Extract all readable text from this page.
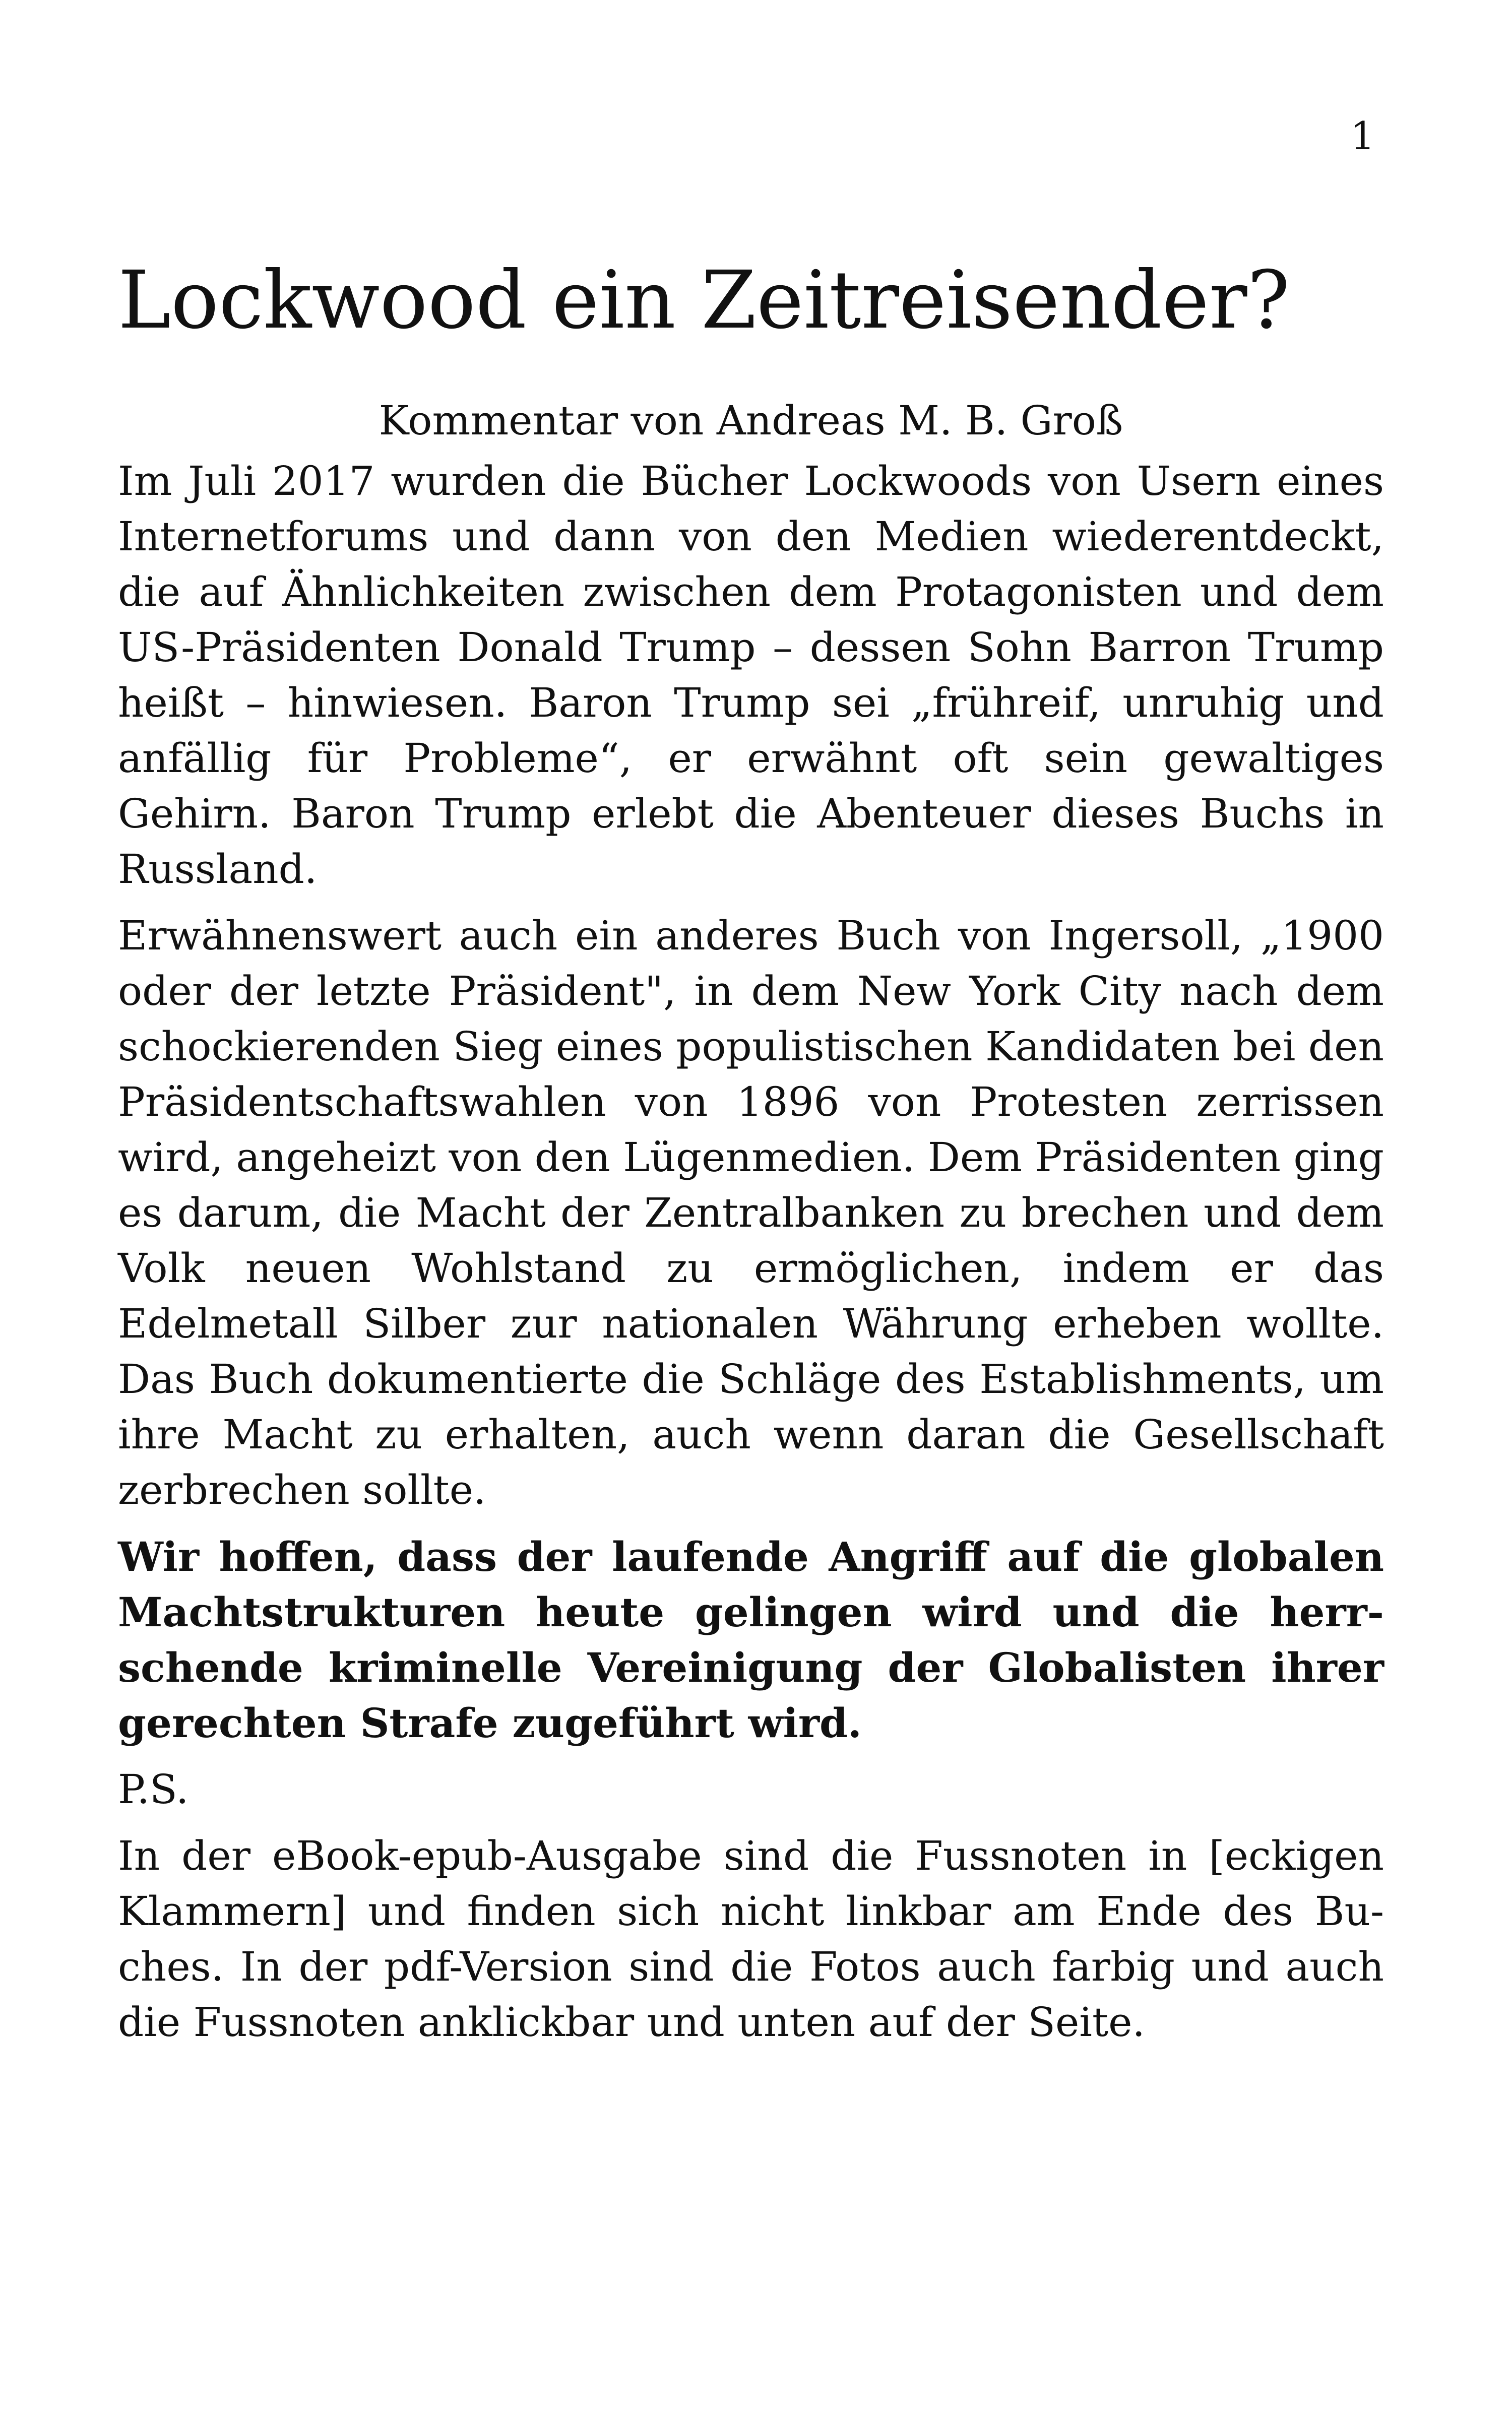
1
Lockwood ein Zeitreisender?
Kommentar von Andreas M. B. Groß

Im Juli 2017 wurden die Bücher Lockwoods von Usern eines Internetforums und dann von den Medien wiederentdeckt, die auf Ähnlichkeiten zwischen dem Protagonisten und dem US-Präsidenten Donald Trump – dessen Sohn Barron Trump heißt – hinwiesen. Baron Trump sei „frühreif, unruhig und anfällig für Probleme“, er erwähnt oft sein gewaltiges Gehirn. Baron Trump erlebt die Abenteuer dieses Buchs in Russland.

Erwähnenswert auch ein anderes Buch von Ingersoll, „1900 oder der letzte Präsident", in dem New York City nach dem schockierenden Sieg eines populistischen Kandidaten bei den Präsidentschaftswahlen von 1896 von Protesten zerrissen wird, angeheizt von den Lügenmedien. Dem Präsidenten ging es darum, die Macht der Zentralbanken zu brechen und dem Volk neuen Wohlstand zu ermöglichen, indem er das Edelmetall Silber zur nationalen Währung erheben wollte. Das Buch dokumentierte die Schläge des Establishments, um ihre Macht zu erhalten, auch wenn daran die Gesellschaft zerbrechen sollte.

Wir hoffen, dass der laufende Angriff auf die globalen Machtstrukturen heute gelingen wird und die herrschende kriminelle Vereinigung der Globalisten ihrer gerechten Strafe zugeführt wird.

P.S.

In der eBook-epub-Ausgabe sind die Fussnoten in [eckigen Klammern] und finden sich nicht linkbar am Ende des Buches. In der pdf-Version sind die Fotos auch farbig und auch die Fussnoten anklickbar und unten auf der Seite.
